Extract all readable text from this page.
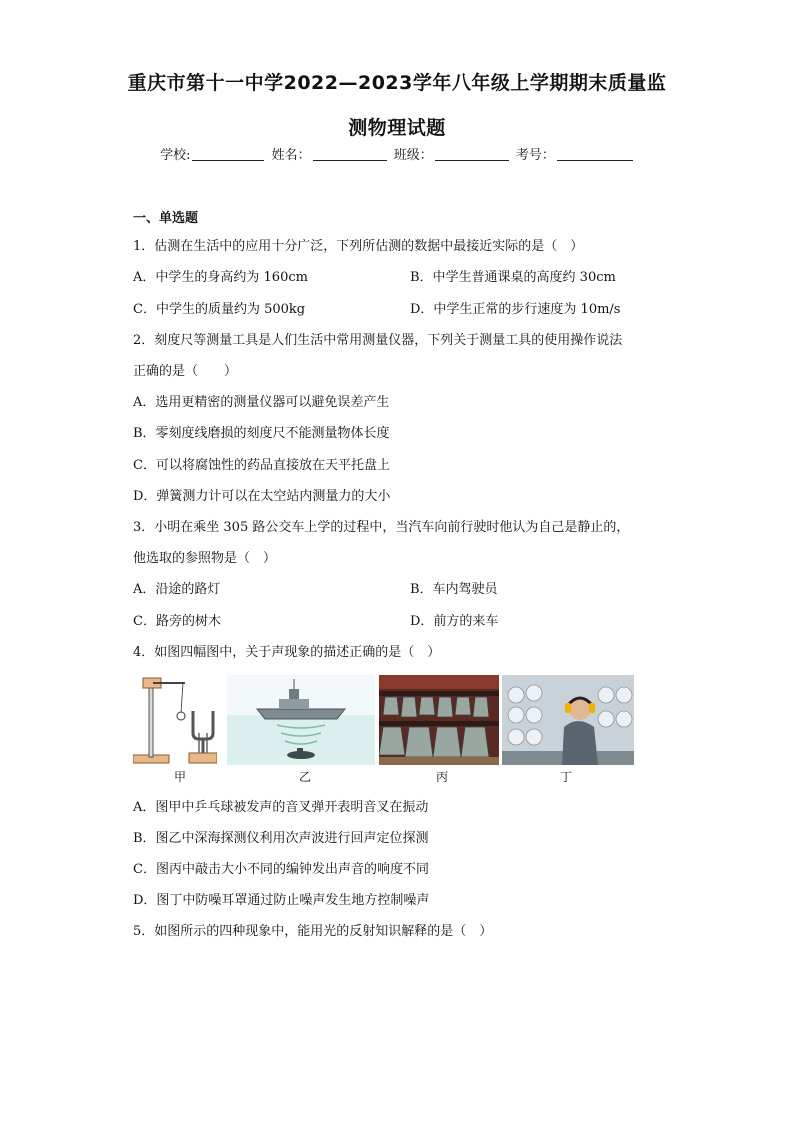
重庆市第十一中学2022—2023学年八年级上学期期末质量监
测物理试题
学校:	姓名：	班级：	考号：
一、单选题
1．估测在生活中的应用十分广泛，下列所估测的数据中最接近实际的是（　）
A．中学生的身高约为 160cm	B．中学生普通课桌的高度约 30cm
C．中学生的质量约为 500kg	D．中学生正常的步行速度为 10m/s
2．刻度尺等测量工具是人们生活中常用测量仪器，下列关于测量工具的使用操作说法
正确的是（　　）
A．选用更精密的测量仪器可以避免误差产生
B．零刻度线磨损的刻度尺不能测量物体长度
C．可以将腐蚀性的药品直接放在天平托盘上
D．弹簧测力计可以在太空站内测量力的大小
3．小明在乘坐 305 路公交车上学的过程中，当汽车向前行驶时他认为自己是静止的，
他选取的参照物是（　）
A．沿途的路灯	B．车内驾驶员
C．路旁的树木	D．前方的来车
4．如图四幅图中，关于声现象的描述正确的是（　）
甲	乙	丙	丁
A．图甲中乒乓球被发声的音叉弹开表明音叉在振动
B．图乙中深海探测仪利用次声波进行回声定位探测
C．图丙中敲击大小不同的编钟发出声音的响度不同
D．图丁中防噪耳罩通过防止噪声发生地方控制噪声
5．如图所示的四种现象中，能用光的反射知识解释的是（　）
